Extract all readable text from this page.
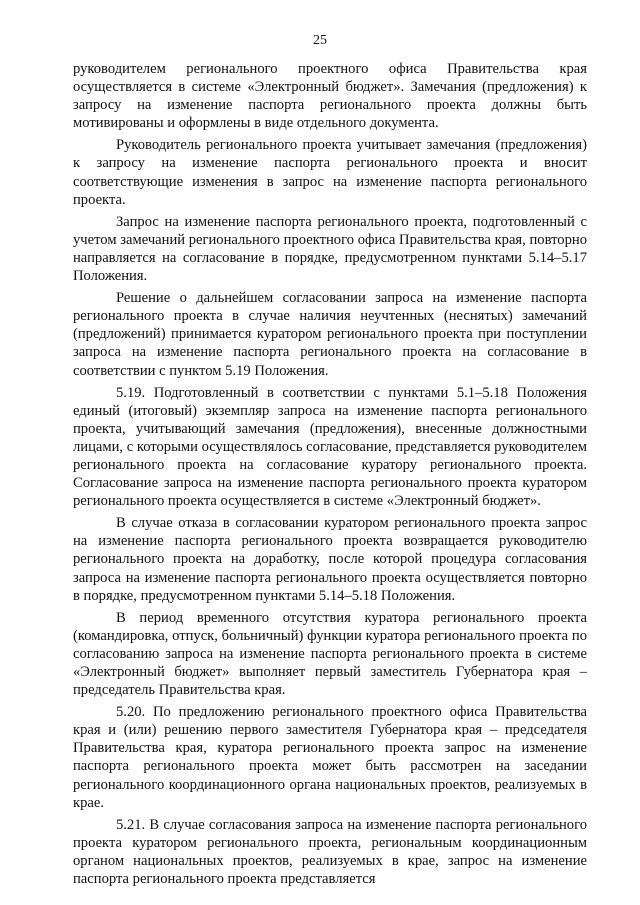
25

руководителем регионального проектного офиса Правительства края осуществляется в системе «Электронный бюджет». Замечания (предложения) к запросу на изменение паспорта регионального проекта должны быть мотивированы и оформлены в виде отдельного документа.

Руководитель регионального проекта учитывает замечания (предложения) к запросу на изменение паспорта регионального проекта и вносит соответствующие изменения в запрос на изменение паспорта регионального проекта.

Запрос на изменение паспорта регионального проекта, подготовленный с учетом замечаний регионального проектного офиса Правительства края, повторно направляется на согласование в порядке, предусмотренном пунктами 5.14–5.17 Положения.

Решение о дальнейшем согласовании запроса на изменение паспорта регионального проекта в случае наличия неучтенных (неснятых) замечаний (предложений) принимается куратором регионального проекта при поступлении запроса на изменение паспорта регионального проекта на согласование в соответствии с пунктом 5.19 Положения.

5.19. Подготовленный в соответствии с пунктами 5.1–5.18 Положения единый (итоговый) экземпляр запроса на изменение паспорта регионального проекта, учитывающий замечания (предложения), внесенные должностными лицами, с которыми осуществлялось согласование, представляется руководителем регионального проекта на согласование куратору регионального проекта. Согласование запроса на изменение паспорта регионального проекта куратором регионального проекта осуществляется в системе «Электронный бюджет».

В случае отказа в согласовании куратором регионального проекта запрос на изменение паспорта регионального проекта возвращается руководителю регионального проекта на доработку, после которой процедура согласования запроса на изменение паспорта регионального проекта осуществляется повторно в порядке, предусмотренном пунктами 5.14–5.18 Положения.

В период временного отсутствия куратора регионального проекта (командировка, отпуск, больничный) функции куратора регионального проекта по согласованию запроса на изменение паспорта регионального проекта в системе «Электронный бюджет» выполняет первый заместитель Губернатора края – председатель Правительства края.

5.20. По предложению регионального проектного офиса Правительства края и (или) решению первого заместителя Губернатора края – председателя Правительства края, куратора регионального проекта запрос на изменение паспорта регионального проекта может быть рассмотрен на заседании регионального координационного органа национальных проектов, реализуемых в крае.

5.21. В случае согласования запроса на изменение паспорта регионального проекта куратором регионального проекта, региональным координационным органом национальных проектов, реализуемых в крае, запрос на изменение паспорта регионального проекта представляется
